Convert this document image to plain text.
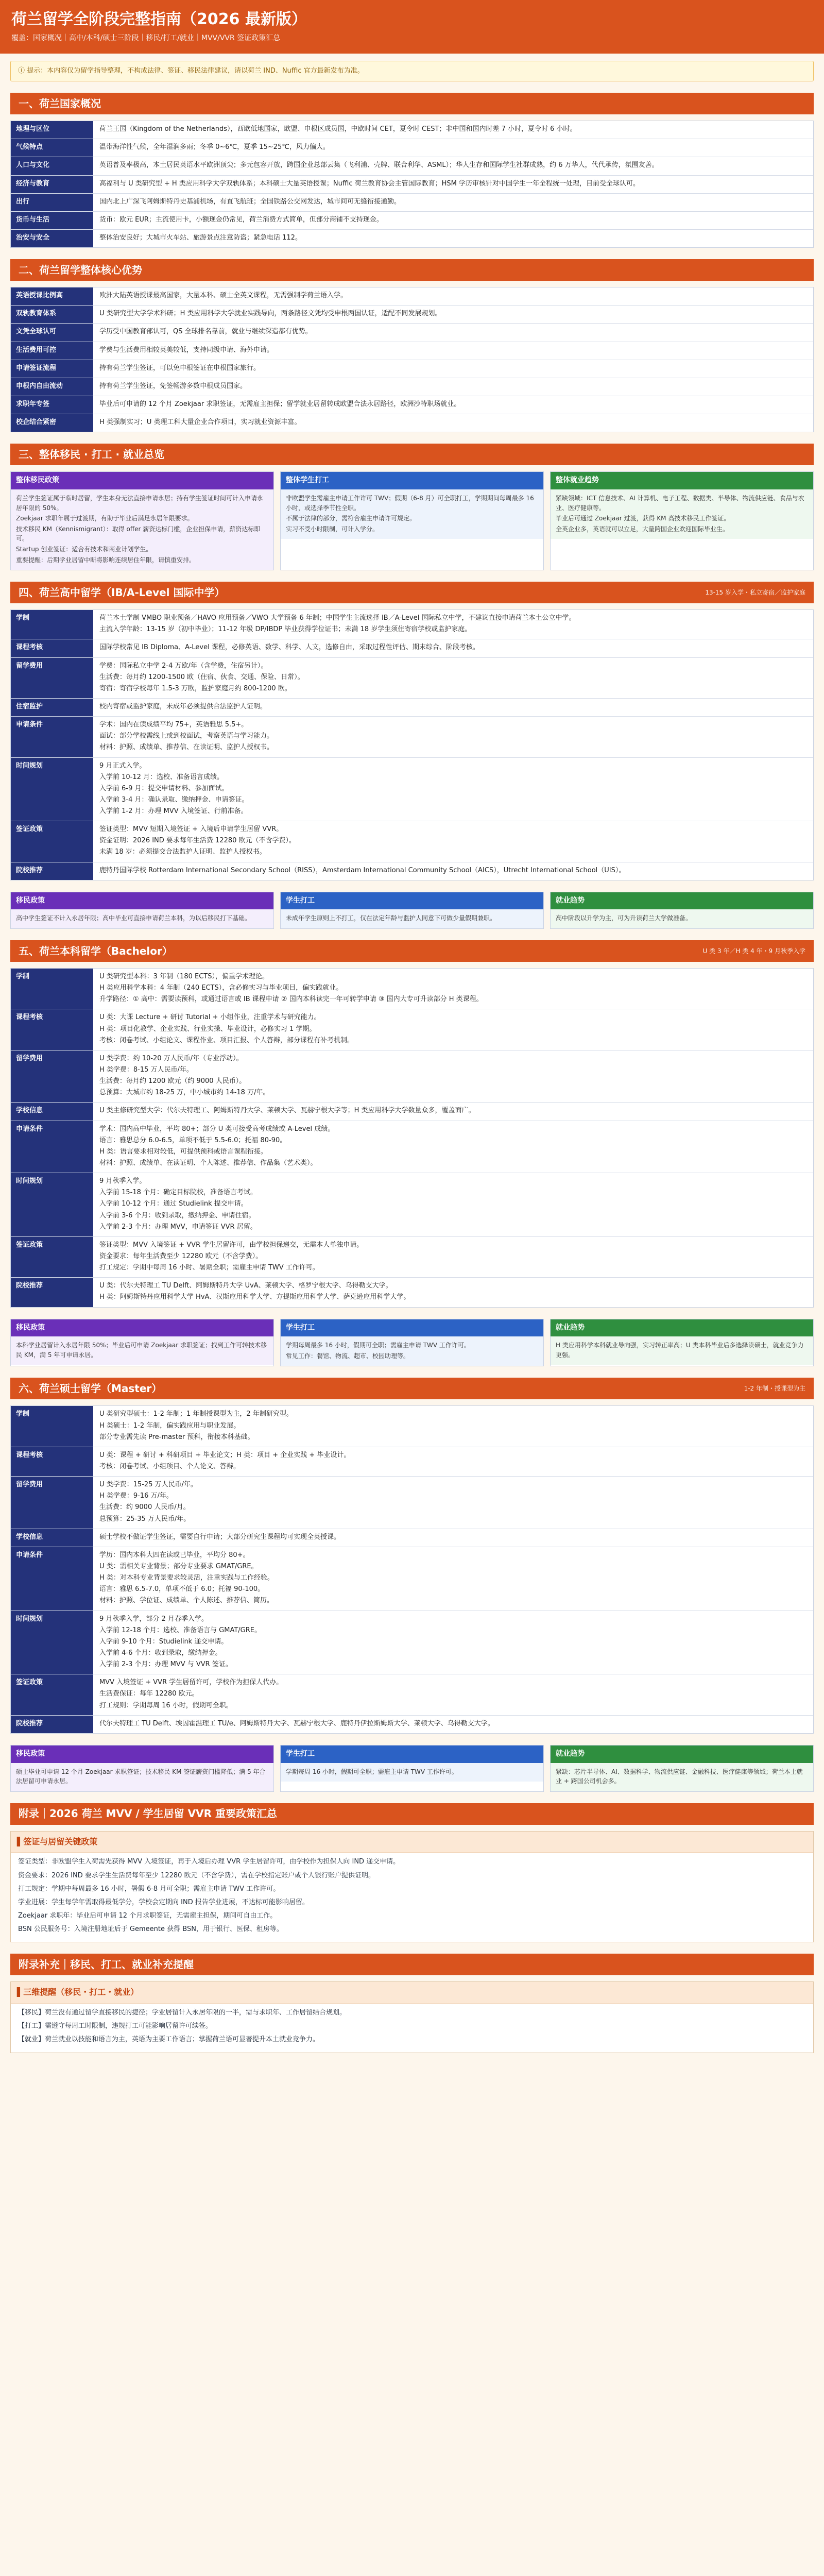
荷兰留学全阶段完整指南（2026 最新版）
覆盖：国家概况｜高中/本科/硕士三阶段｜移民/打工/就业｜MVV/VVR 签证政策汇总
ⓘ 提示：本内容仅为留学指导整理，不构成法律、签证、移民法律建议，请以荷兰 IND、Nuffic 官方最新发布为准。
一、荷兰国家概况
地理与区位	荷兰王国（Kingdom of the Netherlands），西欧低地国家，欧盟、申根区成员国，中欧时间 CET，夏令时 CEST；非中国和国内时差 7 小时，夏令时 6 小时。

气候特点	温带海洋性气候，全年湿润多雨；冬季 0~6℃，夏季 15~25℃，风力偏大。

人口与文化	英语普及率极高，本土居民英语水平欧洲顶尖；多元包容开放，跨国企业总部云集（飞利浦、壳牌、联合利华、ASML）；华人生存和国际学生社群成熟，约 6 万华人，代代承传，氛围友善。

经济与教育	高福利与 U 类研究型 + H 类应用科学大学双轨体系；本科硕士大量英语授课；Nuffic 荷兰教育协会主管国际教育；HSM 学历审核针对中国学生一年全程统一处理，目前受全球认可。

出行	国内北上广深飞阿姆斯特丹史基浦机场，有直飞航班；全国铁路公交网发达，城市间可无缝衔接通勤。

货币与生活	货币：欧元 EUR；主流使用卡，小额现金仍常见，荷兰消费方式简单，但部分商铺不支持现金。

治安与安全	整体治安良好；大城市火车站、旅游景点注意防盗；紧急电话 112。

二、荷兰留学整体核心优势
英语授课比例高	欧洲大陆英语授课最高国家，大量本科、硕士全英文课程，无需强制学荷兰语入学。

双轨教育体系	U 类研究型大学学术科研；H 类应用科学大学就业实践导向，两条路径文凭均受申根两国认证，适配不同发展规划。

文凭全球认可	学历受中国教育部认可，QS 全球排名靠前，就业与继续深造都有优势。

生活费用可控	学费与生活费用相较英美较低，支持同级申请、海外申请。

申请签证流程	持有荷兰学生签证，可以免申根签证在申根国家旅行。

申根内自由流动	持有荷兰学生签证，免签畅游多数申根成员国家。

求职年专签	毕业后可申请的 12 个月 Zoekjaar 求职签证，无需雇主担保；留学就业居留转成欧盟合法永居路径，欧洲沙特职场就业。

校企结合紧密	H 类强制实习；U 类理工科大量企业合作项目，实习就业资源丰富。

三、整体移民 · 打工 · 就业总览
整体移民政策

荷兰学生签证属于临时居留，学生本身无法直接申请永居；持有学生签证时间可计入申请永居年限的 50%。

Zoekjaar 求职年属于过渡期，有助于毕业后满足永居年限要求。

技术移民 KM（Kennismigrant）：取得 offer 薪资达标门槛，企业担保申请，薪资达标即可。

Startup 创业签证：适合有技术和商业计划学生。

重要提醒：后期学业居留中断将影响连续居住年限，请慎重安排。

整体学生打工

非欧盟学生需雇主申请工作许可 TWV；假期（6-8 月）可全职打工，学期期间每周最多 16 小时，或选择季节性全职。

不属于法律的部分，需符合雇主申请许可规定。

实习不受小时限制，可计入学分。

整体就业趋势

紧缺领域：ICT 信息技术、AI 计算机、电子工程、数据类、半导体、物流供应链、食品与农业、医疗健康等。

毕业后可通过 Zoekjaar 过渡，获得 KM 高技术移民工作签证。

全英企业多，英语就可以立足，大量跨国企业欢迎国际毕业生。

四、荷兰高中留学（IB/A-Level 国际中学）	13-15 岁入学・私立寄宿／监护家庭
学制	荷兰本土学制 VMBO 职业预备／HAVO 应用预备／VWO 大学预备 6 年制；中国学生主流选择 IB／A-Level 国际私立中学，不建议直接申请荷兰本土公立中学。

主流入学年龄：13-15 岁（初中毕业）；11-12 年级 DP/IBDP 毕业获得学位证书；未满 18 岁学生须住寄宿学校或监护家庭。

课程考核	国际学校常见 IB Diploma、A-Level 课程，必修英语、数学、科学、人文，选修自由，采取过程性评估、期末综合、阶段考核。

留学费用	学费：国际私立中学 2-4 万欧/年（含学费，住宿另计）。

生活费：每月约 1200-1500 欧（住宿、伙食、交通、保险、日常）。

寄宿：寄宿学校每年 1.5-3 万欧，监护家庭月约 800-1200 欧。

住宿监护	校内寄宿或监护家庭，未成年必须提供合法监护人证明。

申请条件	学术：国内在读成绩平均 75+，英语雅思 5.5+。

面试：部分学校需线上或到校面试，考察英语与学习能力。

材料：护照、成绩单、推荐信、在读证明、监护人授权书。

时间规划	9 月正式入学。

入学前 10-12 月：选校、准备语言成绩。

入学前 6-9 月：提交申请材料、参加面试。

入学前 3-4 月：确认录取、缴纳押金、申请签证。

入学前 1-2 月：办理 MVV 入境签证、行前准备。

签证政策	签证类型：MVV 短期入境签证 + 入境后申请学生居留 VVR。

资金证明：2026 IND 要求每年生活费 12280 欧元（不含学费）。

未满 18 岁：必须提交合法监护人证明、监护人授权书。

院校推荐	鹿特丹国际学校 Rotterdam International Secondary School（RISS），Amsterdam International Community School（AICS），Utrecht International School（UIS）。

移民政策

高中学生签证不计入永居年限；高中毕业可直接申请荷兰本科，为以后移民打下基础。

学生打工

未成年学生原则上不打工，仅在法定年龄与监护人同意下可做少量假期兼职。

就业趋势

高中阶段以升学为主，可为升读荷兰大学做准备。

五、荷兰本科留学（Bachelor）	U 类 3 年／H 类 4 年・9 月秋季入学
学制	U 类研究型本科：3 年制（180 ECTS），偏重学术理论。

H 类应用科学本科：4 年制（240 ECTS），含必修实习与毕业项目，偏实践就业。

升学路径：① 高中：需要读预科，或通过语言或 IB 课程申请 ② 国内本科读完一年可转学申请 ③ 国内大专可升读部分 H 类课程。

课程考核	U 类：大课 Lecture + 研讨 Tutorial + 小组作业，注重学术与研究能力。

H 类：项目化教学、企业实践、行业实操、毕业设计，必修实习 1 学期。

考核：闭卷考试、小组论文、课程作业、项目汇报、个人答辩，部分课程有补考机制。

留学费用	U 类学费：约 10-20 万人民币/年（专业浮动）。

H 类学费：8-15 万人民币/年。

生活费：每月约 1200 欧元（约 9000 人民币）。

总预算：大城市约 18-25 万，中小城市约 14-18 万/年。

学校信息	U 类主修研究型大学：代尔夫特理工、阿姆斯特丹大学、莱顿大学、瓦赫宁根大学等；H 类应用科学大学数量众多，覆盖面广。

申请条件	学术：国内高中毕业，平均 80+；部分 U 类可接受高考成绩或 A-Level 成绩。

语言：雅思总分 6.0-6.5，单项不低于 5.5-6.0；托福 80-90。

H 类：语言要求相对较低，可提供预科或语言课程衔接。

材料：护照、成绩单、在读证明、个人陈述、推荐信、作品集（艺术类）。

时间规划	9 月秋季入学。

入学前 15-18 个月：确定目标院校，准备语言考试。

入学前 10-12 个月：通过 Studielink 提交申请。

入学前 3-6 个月：收到录取，缴纳押金、申请住宿。

入学前 2-3 个月：办理 MVV，申请签证 VVR 居留。

签证政策	签证类型：MVV 入境签证 + VVR 学生居留许可，由学校担保递交，无需本人单独申请。

资金要求：每年生活费至少 12280 欧元（不含学费）。

打工规定：学期中每周 16 小时、暑期全职；需雇主申请 TWV 工作许可。

院校推荐	U 类：代尔夫特理工 TU Delft、阿姆斯特丹大学 UvA、莱顿大学、格罗宁根大学、乌得勒支大学。

H 类：阿姆斯特丹应用科学大学 HvA、汉斯应用科学大学、方提斯应用科学大学、萨克逊应用科学大学。

移民政策

本科学业居留计入永居年限 50%；毕业后可申请 Zoekjaar 求职签证；找到工作可转技术移民 KM，满 5 年可申请永居。

学生打工

学期每周最多 16 小时，假期可全职；需雇主申请 TWV 工作许可。

常见工作：餐馆、物流、超市、校园助理等。

就业趋势

H 类应用科学本科就业导向强，实习转正率高；U 类本科毕业后多选择读硕士，就业竞争力更强。

六、荷兰硕士留学（Master）	1-2 年制・授课型为主
学制	U 类研究型硕士：1-2 年制；1 年制授课型为主，2 年制研究型。

H 类硕士：1-2 年制，偏实践应用与职业发展。

部分专业需先读 Pre-master 预科，衔接本科基础。

课程考核	U 类：课程 + 研讨 + 科研项目 + 毕业论文；H 类：项目 + 企业实践 + 毕业设计。

考核：闭卷考试、小组项目、个人论文、答辩。

留学费用	U 类学费：15-25 万人民币/年。

H 类学费：9-16 万/年。

生活费：约 9000 人民币/月。

总预算：25-35 万人民币/年。

学校信息	硕士学校不做证学生签证，需要自行申请；大部分研究生课程均可实现全英授课。

申请条件	学历：国内本科大四在读或已毕业，平均分 80+。

U 类：需相关专业背景；部分专业要求 GMAT/GRE。

H 类：对本科专业背景要求较灵活，注重实践与工作经验。

语言：雅思 6.5-7.0，单项不低于 6.0；托福 90-100。

材料：护照、学位证、成绩单、个人陈述、推荐信、简历。

时间规划	9 月秋季入学，部分 2 月春季入学。

入学前 12-18 个月：选校、准备语言与 GMAT/GRE。

入学前 9-10 个月：Studielink 递交申请。

入学前 4-6 个月：收到录取，缴纳押金。

入学前 2-3 个月：办理 MVV 与 VVR 签证。

签证政策	MVV 入境签证 + VVR 学生居留许可，学校作为担保人代办。

生活费保证：每年 12280 欧元。

打工规则：学期每周 16 小时，假期可全职。

院校推荐	代尔夫特理工 TU Delft、埃因霍温理工 TU/e、阿姆斯特丹大学、瓦赫宁根大学、鹿特丹伊拉斯姆斯大学、莱顿大学、乌得勒支大学。

移民政策

硕士毕业可申请 12 个月 Zoekjaar 求职签证；技术移民 KM 签证薪资门槛降低；满 5 年合法居留可申请永居。

学生打工

学期每周 16 小时，假期可全职；需雇主申请 TWV 工作许可。

就业趋势

紧缺：芯片半导体、AI、数据科学、物流供应链、金融科技、医疗健康等领域；荷兰本土就业 + 跨国公司机会多。

附录｜2026 荷兰 MVV / 学生居留 VVR 重要政策汇总
▌签证与居留关键政策

签证类型：非欧盟学生入荷需先获得 MVV 入境签证，再于入境后办理 VVR 学生居留许可，由学校作为担保人向 IND 递交申请。

资金要求：2026 IND 要求学生生活费每年至少 12280 欧元（不含学费），需在学校指定账户或个人银行账户提供证明。

打工规定：学期中每周最多 16 小时，暑假 6-8 月可全职；需雇主申请 TWV 工作许可。

学业进展：学生每学年需取得最低学分，学校会定期向 IND 报告学业进展，不达标可能影响居留。

Zoekjaar 求职年：毕业后可申请 12 个月求职签证，无需雇主担保，期间可自由工作。

BSN 公民服务号：入境注册地址后于 Gemeente 获得 BSN，用于银行、医保、租房等。

附录补充｜移民、打工、就业补充提醒
▌三维提醒（移民・打工・就业）

【移民】荷兰没有通过留学直接移民的捷径；学业居留计入永居年限的一半，需与求职年、工作居留结合规划。

【打工】需遵守每周工时限制，违规打工可能影响居留许可续签。

【就业】荷兰就业以技能和语言为主，英语为主要工作语言；掌握荷兰语可显著提升本土就业竞争力。
